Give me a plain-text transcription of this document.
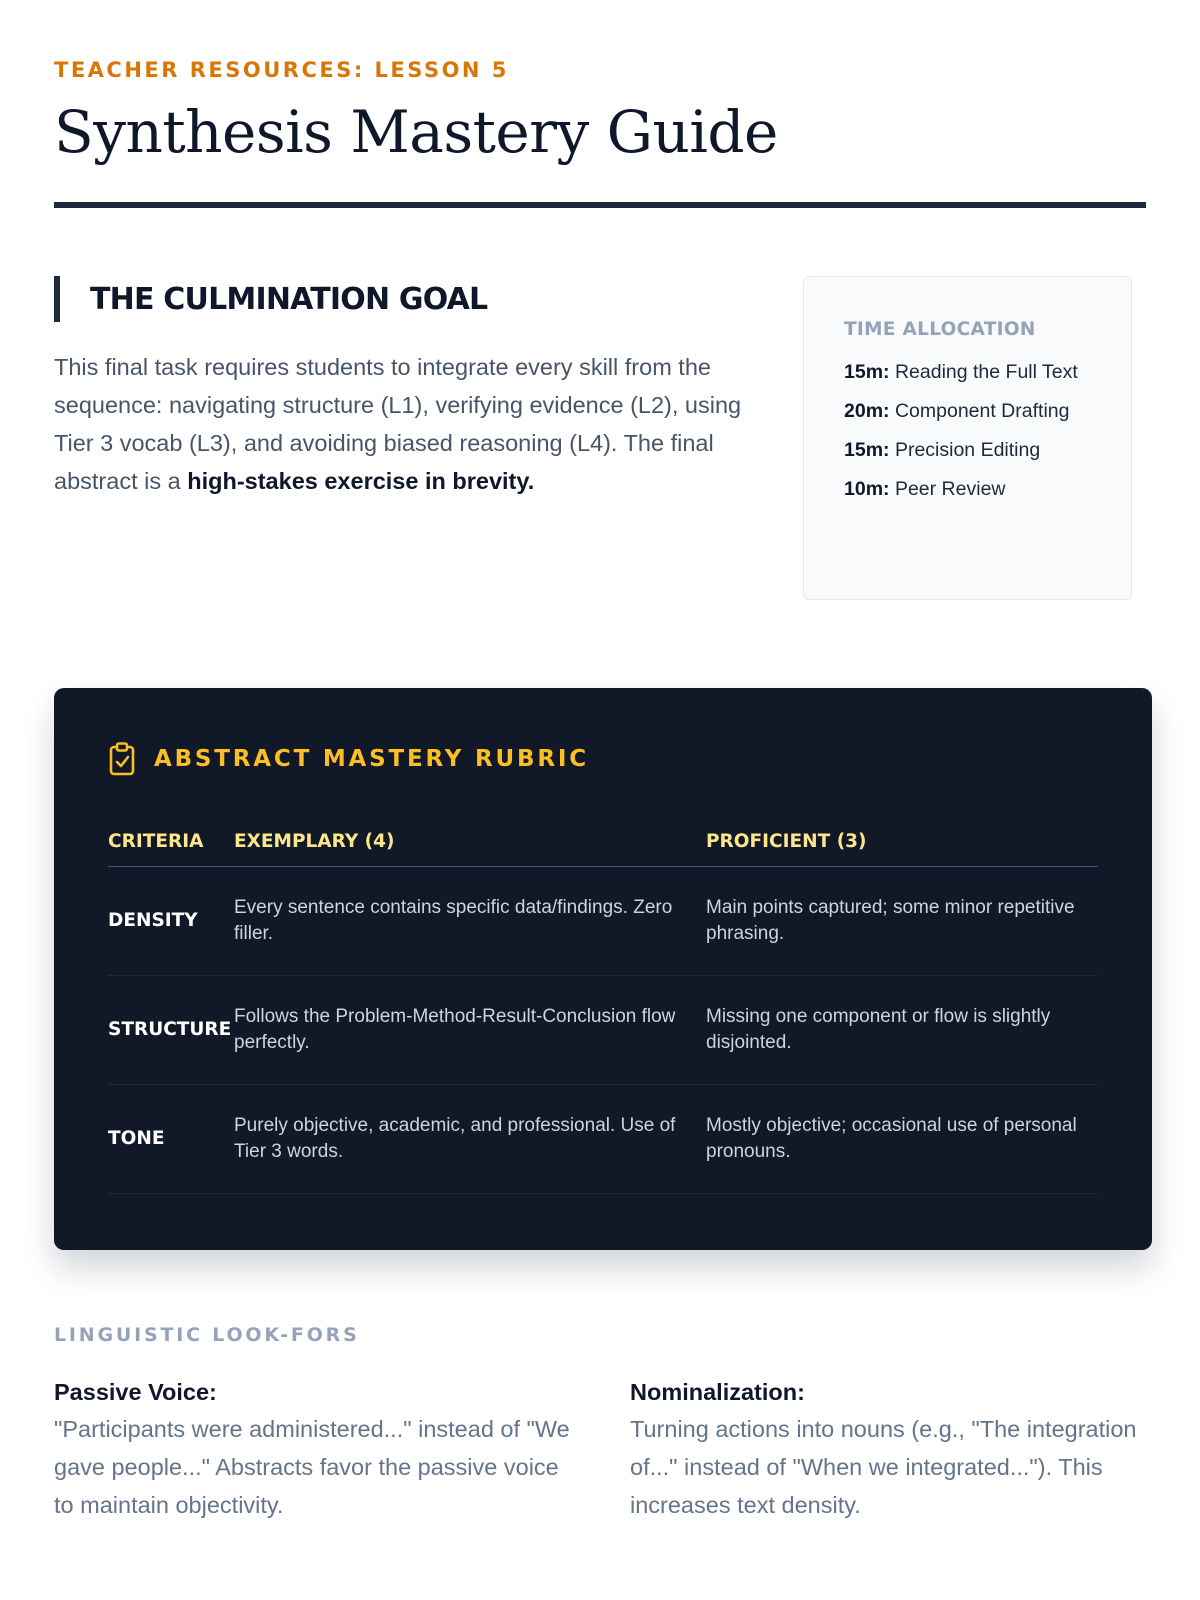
TEACHER RESOURCES: LESSON 5
Synthesis Mastery Guide
THE CULMINATION GOAL

This final task requires students to integrate every skill from the sequence: navigating structure (L1), verifying evidence (L2), using Tier 3 vocab (L3), and avoiding biased reasoning (L4). The final abstract is a high-stakes exercise in brevity.

TIME ALLOCATION
15m: Reading the Full Text
20m: Component Drafting
15m: Precision Editing
10m: Peer Review
ABSTRACT MASTERY RUBRIC
CRITERIA	EXEMPLARY (4)	PROFICIENT (3)
DENSITY	Every sentence contains specific data/findings. Zero filler.	Main points captured; some minor repetitive phrasing.
STRUCTURE	Follows the Problem-Method-Result-Conclusion flow perfectly.	Missing one component or flow is slightly disjointed.
TONE	Purely objective, academic, and professional. Use of Tier 3 words.	Mostly objective; occasional use of personal pronouns.
LINGUISTIC LOOK-FORS
Passive Voice:
"Participants were administered..." instead of "We gave people..." Abstracts favor the passive voice to maintain objectivity.
Nominalization:
Turning actions into nouns (e.g., "The integration of..." instead of "When we integrated..."). This increases text density.
